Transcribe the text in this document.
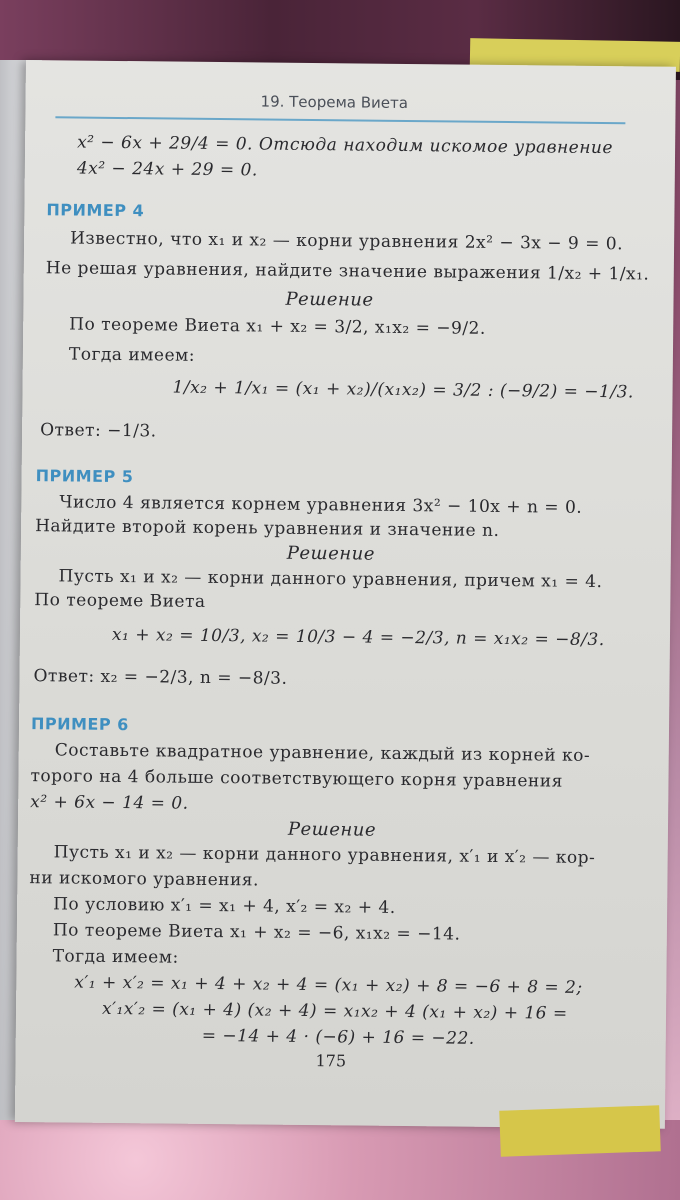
19. Теорема Виета
x² − 6x + 29/4 = 0. Отсюда находим искомое уравнение
4x² − 24x + 29 = 0.
ПРИМЕР 4
Известно, что x₁ и x₂ — корни уравнения 2x² − 3x − 9 = 0.
Не решая уравнения, найдите значение выражения 1/x₂ + 1/x₁.
Решение
По теореме Виета x₁ + x₂ = 3/2, x₁x₂ = −9/2.
Тогда имеем:
1/x₂ + 1/x₁ = (x₁ + x₂)/(x₁x₂) = 3/2 : (−9/2) = −1/3.
Ответ: −1/3.
ПРИМЕР 5
Число 4 является корнем уравнения 3x² − 10x + n = 0.
Найдите второй корень уравнения и значение n.
Решение
Пусть x₁ и x₂ — корни данного уравнения, причем x₁ = 4.
По теореме Виета
x₁ + x₂ = 10/3, x₂ = 10/3 − 4 = −2/3, n = x₁x₂ = −8/3.
Ответ: x₂ = −2/3, n = −8/3.
ПРИМЕР 6
Составьте квадратное уравнение, каждый из корней ко-
торого на 4 больше соответствующего корня уравнения
x² + 6x − 14 = 0.
Решение
Пусть x₁ и x₂ — корни данного уравнения, x′₁ и x′₂ — кор-
ни искомого уравнения.
По условию x′₁ = x₁ + 4, x′₂ = x₂ + 4.
По теореме Виета x₁ + x₂ = −6, x₁x₂ = −14.
Тогда имеем:
x′₁ + x′₂ = x₁ + 4 + x₂ + 4 = (x₁ + x₂) + 8 = −6 + 8 = 2;
x′₁x′₂ = (x₁ + 4) (x₂ + 4) = x₁x₂ + 4 (x₁ + x₂) + 16 =
= −14 + 4 · (−6) + 16 = −22.
175
